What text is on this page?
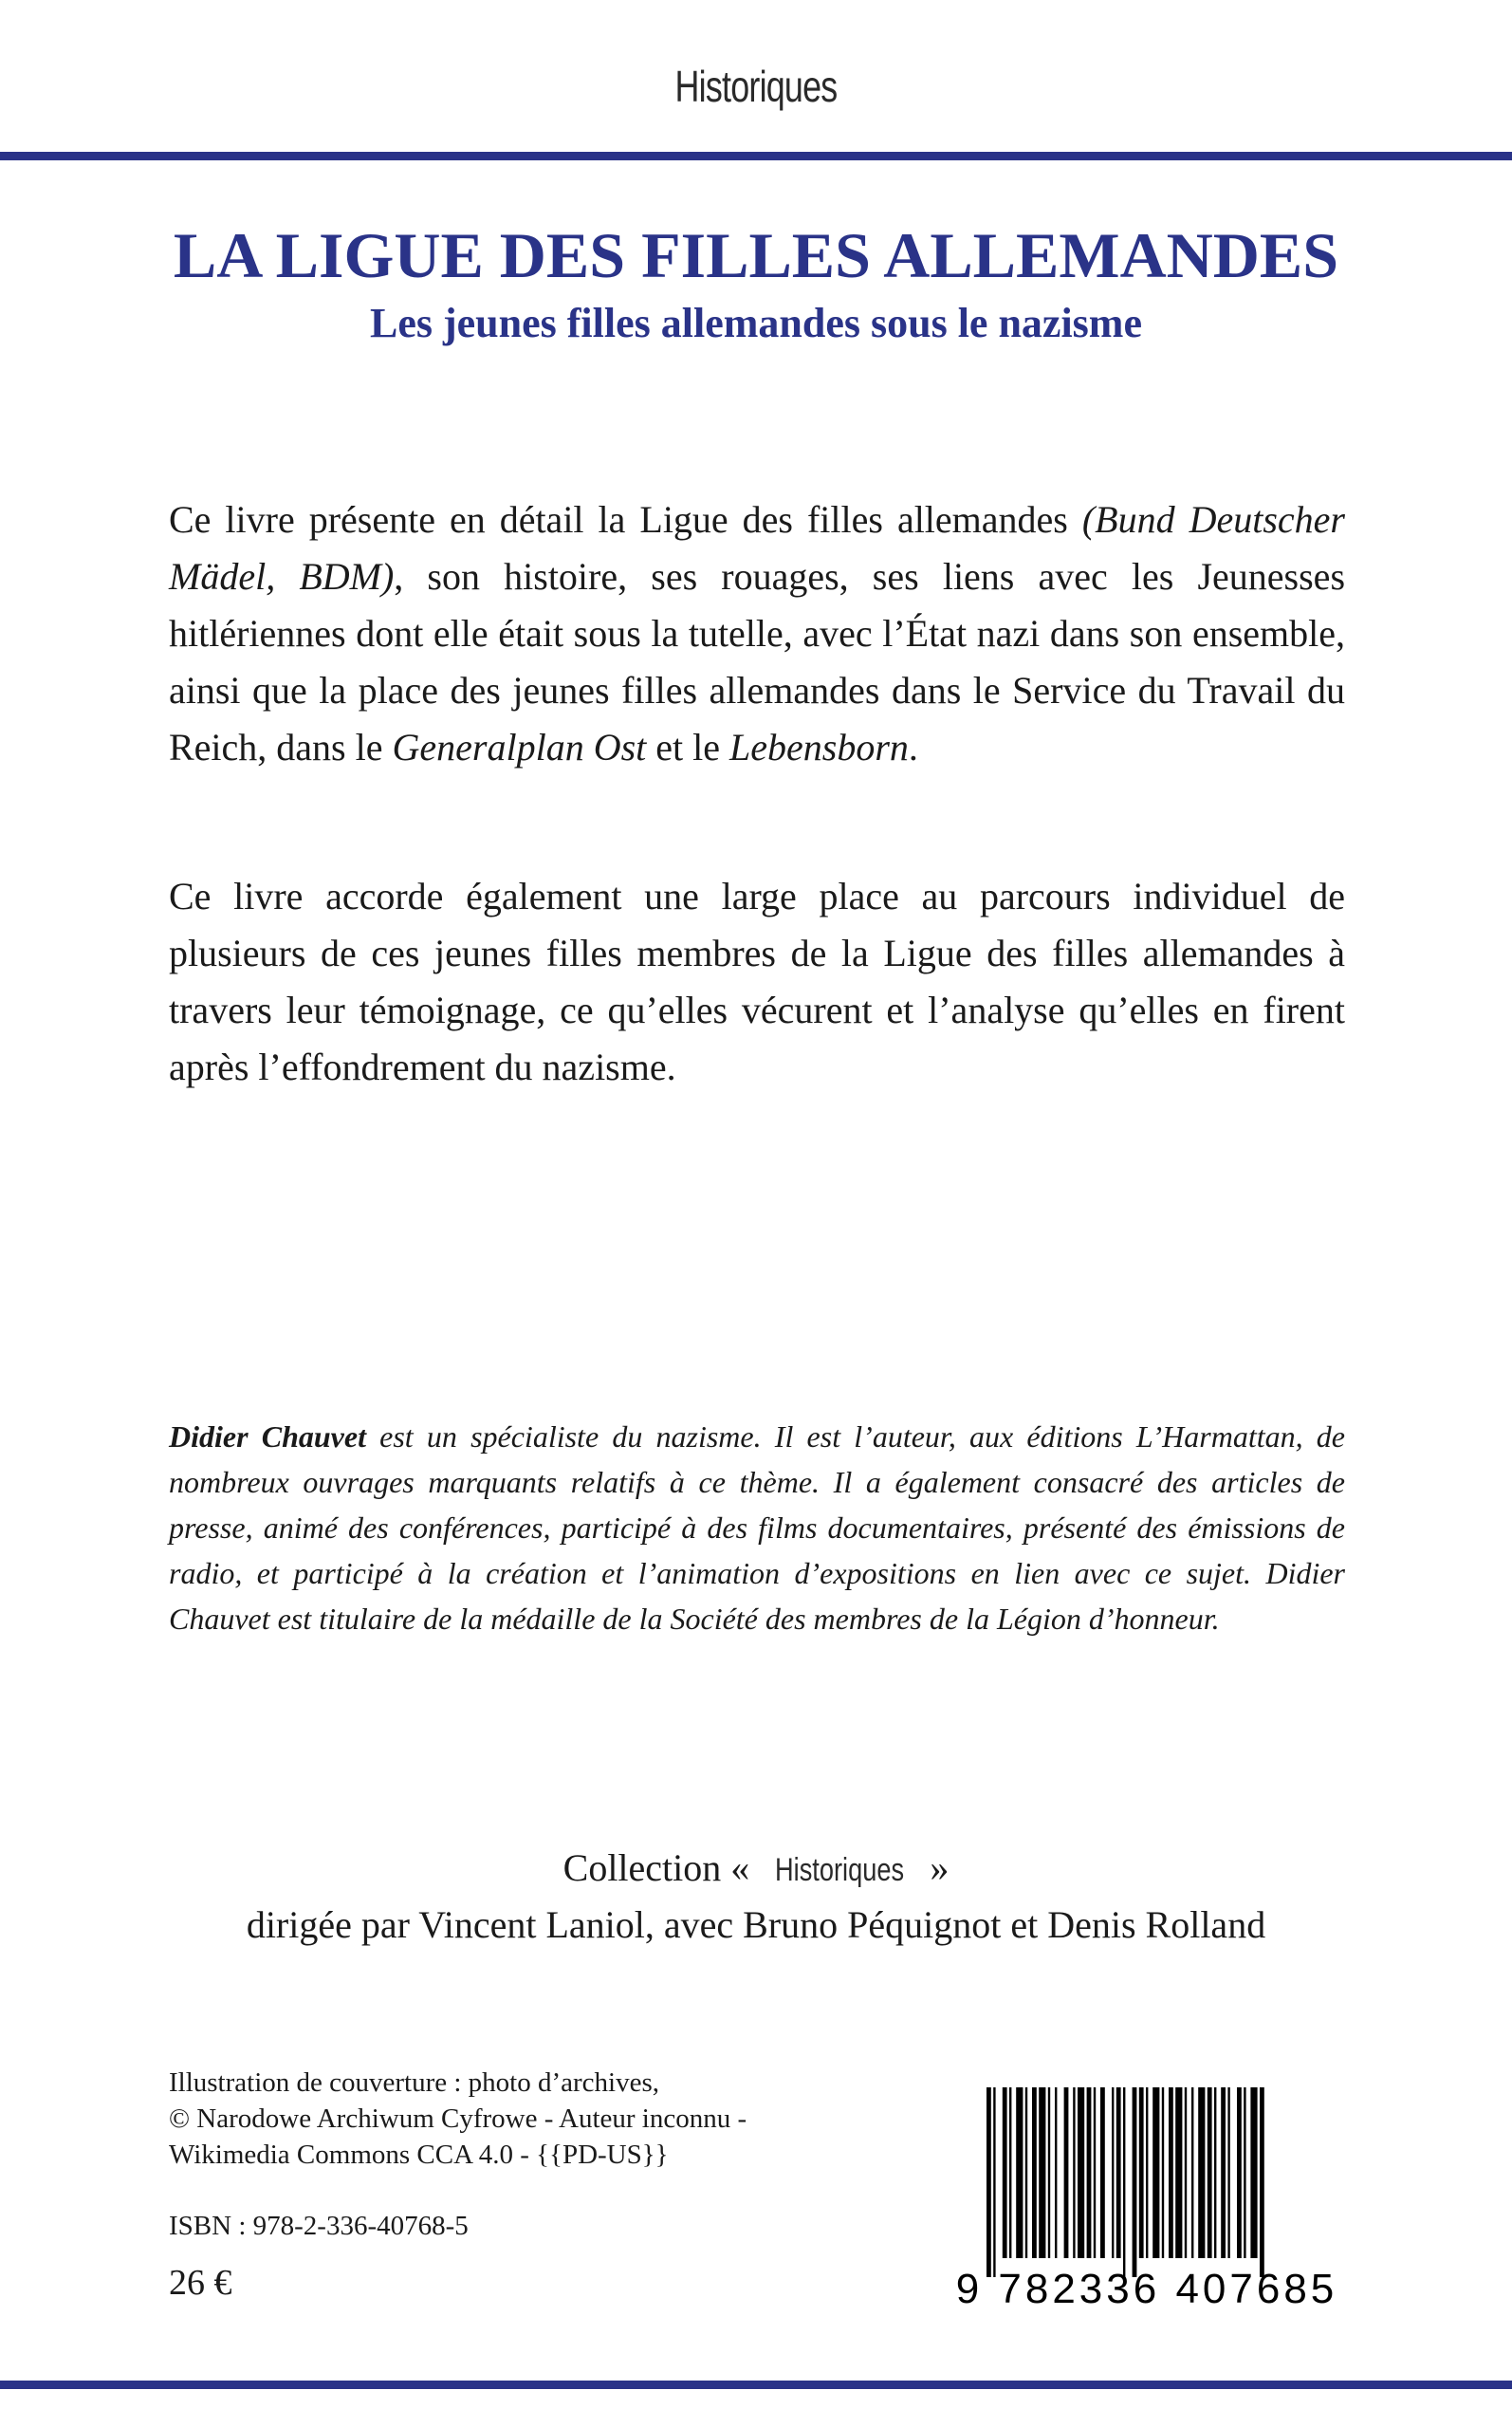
Historiques
LA LIGUE DES FILLES ALLEMANDES
Les jeunes filles allemandes sous le nazisme

Ce livre présente en détail la Ligue des filles allemandes (Bund Deutscher Mädel, BDM), son histoire, ses rouages, ses liens avec les Jeunesses hitlériennes dont elle était sous la tutelle, avec l’État nazi dans son ensemble, ainsi que la place des jeunes filles allemandes dans le Service du Travail du Reich, dans le Generalplan Ost et le Lebensborn.

Ce livre accorde également une large place au parcours individuel de plusieurs de ces jeunes filles membres de la Ligue des filles allemandes à travers leur témoignage, ce qu’elles vécurent et l’analyse qu’elles en firent après l’effondrement du nazisme.

Didier Chauvet est un spécialiste du nazisme. Il est l’auteur, aux éditions L’Harmattan, de nombreux ouvrages marquants relatifs à ce thème. Il a également consacré des articles de presse, animé des conférences, participé à des films documentaires, présenté des émissions de radio, et participé à la création et l’animation d’expositions en lien avec ce sujet. Didier Chauvet est titulaire de la médaille de la Société des membres de la Légion d’honneur.

Collection « Historiques »
dirigée par Vincent Laniol, avec Bruno Péquignot et Denis Rolland
Illustration de couverture : photo d’archives,
© Narodowe Archiwum Cyfrowe - Auteur inconnu -
Wikimedia Commons CCA 4.0 - {{PD-US}}
ISBN : 978-2-336-40768-5
26 €	9 782336 407685
